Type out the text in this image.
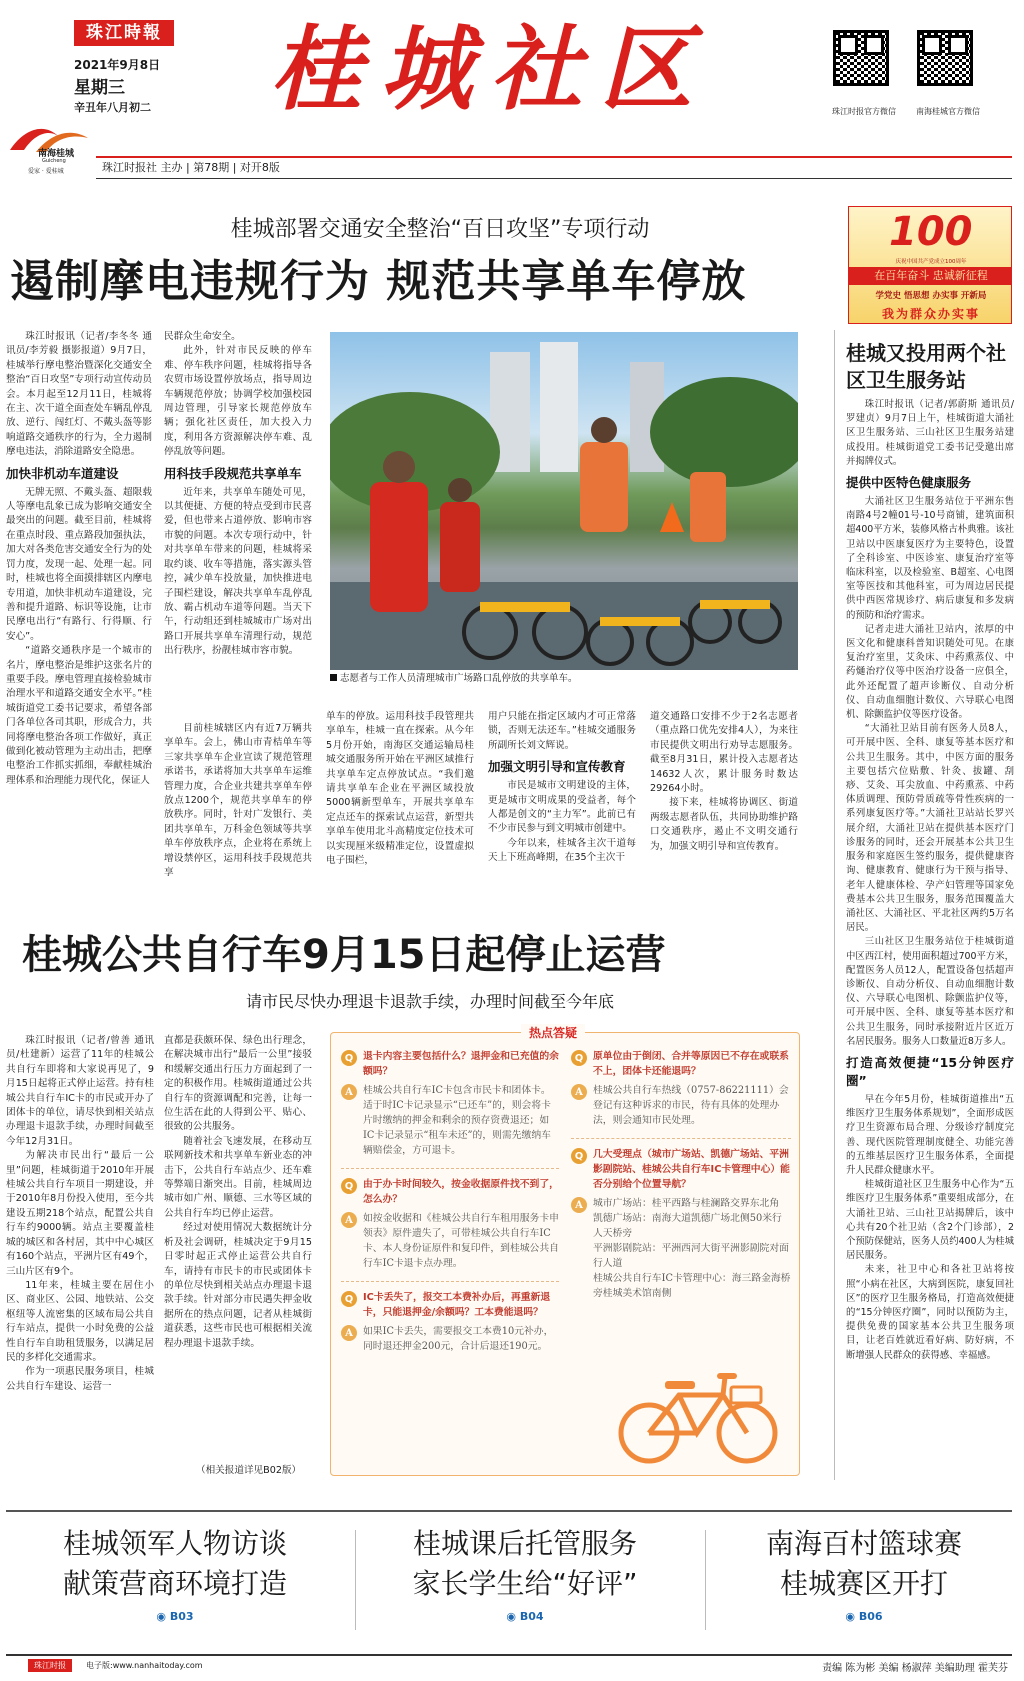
珠江時報
2021年9月8日
星期三
辛丑年八月初二 桂城社区	珠江时报官方微信	南海桂城官方微信
南海桂城
Guicheng
爱家 · 爱桂城	珠江时报社 主办 | 第78期 | 对开8版
100
庆祝中国共产党成立100周年
在百年奋斗 忠诚新征程
学党史 悟思想 办实事 开新局
我为群众办实事
桂城部署交通安全整治“百日攻坚”专项行动
遏制摩电违规行为 规范共享单车停放

珠江时报讯（记者/李冬冬 通讯员/李芳毅 摄影报道）9月7日，桂城举行摩电整治暨深化交通安全整治“百日攻坚”专项行动宣传动员会。本月起至12月11日，桂城将在主、次干道全面查处车辆乱停乱放、逆行、闯红灯、不戴头盔等影响道路交通秩序的行为，全力遏制摩电违法，消除道路安全隐患。

加快非机动车道建设

无牌无照、不戴头盔、超限载人等摩电乱象已成为影响交通安全最突出的问题。截至目前，桂城将在重点时段、重点路段加强执法，加大对各类危害交通安全行为的处罚力度，发现一起、处理一起。同时，桂城也将全面摸排辖区内摩电专用道，加快非机动车道建设，完善和提升道路、标识等设施，让市民摩电出行“有路行、行得顺、行安心”。

“道路交通秩序是一个城市的名片，摩电整治是维护这张名片的重要手段。摩电管理直接检验城市治理水平和道路交通安全水平。”桂城街道党工委书记要求，希望各部门各单位各司其职，形成合力，共同将摩电整治各项工作做好，真正做到化被动管理为主动出击，把摩电整治工作抓实抓细，奉献桂城治理体系和治理能力现代化，保证人

民群众生命安全。

此外，针对市民反映的停车难、停车秩序问题，桂城将指导各农贸市场设置停放场点，指导周边车辆规范停放；协调学校加强校园周边管理，引导家长规范停放车辆；强化社区责任，加大投入力度，利用各方资源解决停车难、乱停乱放等问题。

用科技手段规范共享单车

近年来，共享单车随处可见，以其便捷、方便的特点受到市民喜爱，但也带来占道停放、影响市容市貌的问题。本次专项行动中，针对共享单车带来的问题，桂城将采取约谈、收车等措施，落实源头管控，减少单车投放量，加快推进电子围栏建设，解决共享单车乱停乱放、霸占机动车道等问题。当天下午，行动组还到桂城城市广场对出路口开展共享单车清理行动，规范出行秩序，扮靓桂城市容市貌。

志愿者与工作人员清理城市广场路口乱停放的共享单车。

目前桂城辖区内有近7万辆共享单车。会上，佛山市青桔单车等三家共享单车企业宣读了规范管理承诺书，承诺将加大共享单车运维管理力度，合企业共建共享单车停放点1200个，规范共享单车的停放秩序。同时，针对广发银行、美团共享单车，万科金色领域等共享单车停放秩序点，企业将在系统上增设禁停区，运用科技手段规范共享

单车的停放。运用科技手段管理共享单车，桂城一直在探索。从今年5月份开始，南海区交通运输局桂城交通服务所开始在平洲区域推行共享单车定点停放试点。“我们邀请共享单车企业在平洲区域投放5000辆新型单车，开展共享单车定点还车的探索试点运营，新型共享单车使用北斗高精度定位技术可以实现厘米级精准定位，设置虚拟电子围栏，

用户只能在指定区域内才可正常落锁，否则无法还车。”桂城交通服务所副所长刘文辉说。

加强文明引导和宣传教育

市民是城市文明建设的主体，更是城市文明成果的受益者，每个人都是创文的“主力军”。此前已有不少市民参与到文明城市创建中。

今年以来，桂城各主次干道每天上下班高峰期，在35个主次干

道交通路口安排不少于2名志愿者（重点路口优先安排4人），为来往市民提供文明出行劝导志愿服务。截至8月31日，累计投入志愿者达14632人次，累计服务时数达29264小时。

接下来，桂城将协调区、街道两级志愿者队伍，共同协助维护路口交通秩序，遏止不文明交通行为，加强文明引导和宣传教育。

桂城又投用两个社区卫生服务站

珠江时报讯（记者/郭蔚斯 通讯员/罗建贞）9月7日上午，桂城街道大涌社区卫生服务站、三山社区卫生服务站建成投用。桂城街道党工委书记受邀出席并揭牌仪式。

提供中医特色健康服务

大涌社区卫生服务站位于平洲东售南路4号2幢01号-10号商铺，建筑面积超400平方米，装修风格古朴典雅。该社卫站以中医康复医疗为主要特色，设置了全科诊室、中医诊室、康复治疗室等临床科室，以及检验室、B超室、心电图室等医技和其他科室，可为周边居民提供中西医常规诊疗、病后康复和多发病的预防和治疗需求。

记者走进大涌社卫站内，浓厚的中医文化和健康科普知识随处可见。在康复治疗室里，艾灸床、中药熏蒸仪、中药熥治疗仪等中医治疗设备一应俱全，此外还配置了超声诊断仪、自动分析仪、自动血细胞计数仪、六导联心电图机、除颤监护仪等医疗设备。

“大涌社卫站目前有医务人员8人，可开展中医、全科、康复等基本医疗和公共卫生服务。其中，中医方面的服务主要包括穴位贴敷、针灸、拔罐、刮痧、艾灸、耳尖放血、中药熏蒸、中药体质调理、预防骨质疏等骨性疾病的一系列康复医疗等。”大涌社卫站站长罗兴展介绍，大涌社卫站在提供基本医疗门诊服务的同时，还会开展基本公共卫生服务和家庭医生签约服务，提供健康咨询、健康教育、健康行为干预与指导、老年人健康体检、孕产妇管理等国家免费基本公共卫生服务，服务范围覆盖大涌社区、大涌社区、平北社区两约5万名居民。

三山社区卫生服务站位于桂城街道中区西江村，使用面积超过700平方米，配置医务人员12人，配置设备包括超声诊断仪、自动分析仪、自动血细胞计数仪、六导联心电图机、除颤监护仪等，可开展中医、全科、康复等基本医疗和公共卫生服务，同时承接附近片区近万名居民服务。服务人口数量近8万多人。

打造高效便捷“15分钟医疗圈”

早在今年5月份，桂城街道推出“五维医疗卫生服务体系规划”，全面形成医疗卫生资源布局合理、分级诊疗制度完善、现代医院管理制度健全、功能完善的五维基层医疗卫生服务体系，全面提升人民群众健康水平。

桂城街道社区卫生服务中心作为“五维医疗卫生服务体系”重要组成部分，在大涌社卫站、三山社卫站揭牌后，该中心共有20个社卫站（含2个门诊部），2个预防保健站，医务人员约400人为桂城居民服务。

未来，社卫中心和各社卫站将按照“小病在社区，大病到医院，康复回社区”的医疗卫生服务格局，打造高效便捷的“15分钟医疗圈”，同时以预防为主，提供免费的国家基本公共卫生服务项目，让老百姓就近看好病、防好病，不断增强人民群众的获得感、幸福感。

桂城公共自行车9月15日起停止运营
请市民尽快办理退卡退款手续，办理时间截至今年底

珠江时报讯（记者/曾善 通讯员/杜建新）运营了11年的桂城公共自行车即将和大家说再见了，9月15日起将正式停止运营。持有桂城公共自行车IC卡的市民或开办了团体卡的单位，请尽快到相关站点办理退卡退款手续，办理时间截至今年12月31日。

为解决市民出行“最后一公里”问题，桂城街道于2010年开展桂城公共自行车项目一期建设，并于2010年8月份投入使用，至今共建设五期218个站点，配置公共自行车约9000辆。站点主要覆盖桂城的城区和各村居，其中中心城区有160个站点，平洲片区有49个，三山片区有9个。

11年来，桂城主要在居住小区、商业区、公园、地铁站、公交枢纽等人流密集的区域布局公共自行车站点，提供一小时免费的公益性自行车自助租赁服务，以满足居民的多样化交通需求。

作为一项惠民服务项目，桂城公共自行车建设、运营一

直都是获颇环保、绿色出行理念，在解决城市出行“最后一公里”接驳和缓解交通出行压力方面起到了一定的积极作用。桂城街道通过公共自行车的资源调配和完善，让每一位生活在此的人得到公平、贴心、很致的公共服务。

随着社会飞速发展，在移动互联网新技术和共享单车新业态的冲击下，公共自行车站点少、还车难等弊端日渐突出。目前，桂城周边城市如广州、顺德、三水等区域的公共自行车均已停止运营。

经过对使用情况大数据统计分析及社会调研，桂城决定于9月15日零时起正式停止运营公共自行车，请持有市民卡的市民或团体卡的单位尽快到相关站点办理退卡退款手续。针对部分市民遇失押金收据所在的热点问题，记者从桂城街道获悉，这些市民也可根据相关流程办理退卡退款手续。

（相关报道详见B02版）
热点答疑
Q 退卡内容主要包括什么？退押金和已充值的余额吗？
A	桂城公共自行车IC卡包含市民卡和团体卡。适于时IC卡记录显示“已还车”的，则会将卡片时缴纳的押金和剩余的预存资费退还；如IC卡记录显示“租车未还”的，则需先缴纳车辆赔偿金，方可退卡。
Q 由于办卡时间较久，按金收据原件找不到了，怎么办？
A	如按金收据和《桂城公共自行车租用服务卡申领表》原件遗失了，可带桂城公共自行车IC卡、本人身份证原件和复印件，到桂城公共自行车IC卡退卡点办理。
Q IC卡丢失了，报交工本费补办后，再重新退卡，只能退押金/余额吗？工本费能退吗？
A	如果IC卡丢失，需要报交工本费10元补办，同时退还押金200元，合计后退还190元。
Q 原单位由于倒闭、合并等原因已不存在或联系不上，团体卡还能退吗？
A	桂城公共自行车热线（0757-86221111）会登记有这种诉求的市民，待有具体的处理办法，则会通知市民处理。
Q 几大受理点（城市广场站、凯德广场站、平洲影剧院站、桂城公共自行车IC卡管理中心）能否分别给个位置导航？
A	城市广场站：桂平西路与桂澜路交界东北角
凯德广场站：南海大道凯德广场北侧50米行人天桥旁
平洲影剧院站：平洲西河大街平洲影剧院对面行人道
桂城公共自行车IC卡管理中心：海三路金海桥旁桂城美术馆南侧
桂城领军人物访谈
献策营商环境打造
◉ B03
桂城课后托管服务
家长学生给“好评”
◉ B04
南海百村篮球赛
桂城赛区开打
◉ B06
珠江时报	电子版:www.nanhaitoday.com	责编 陈为彬 美编 杨淑萍 美编助理 霍芙芬
